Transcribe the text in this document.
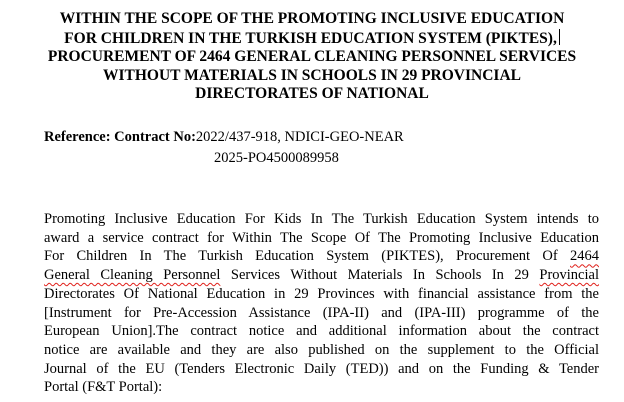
WITHIN THE SCOPE OF THE PROMOTING INCLUSIVE EDUCATION
FOR CHILDREN IN THE TURKISH EDUCATION SYSTEM (PIKTES),
PROCUREMENT OF 2464 GENERAL CLEANING PERSONNEL SERVICES
WITHOUT MATERIALS IN SCHOOLS IN 29 PROVINCIAL
DIRECTORATES OF NATIONAL
Reference: Contract No:2022/437-918, NDICI-GEO-NEAR
2025-PO4500089958
Promoting Inclusive Education For Kids In The Turkish Education System intends to
award a service contract for Within The Scope Of The Promoting Inclusive Education
For Children In The Turkish Education System (PIKTES), Procurement Of 2464
General Cleaning Personnel Services Without Materials In Schools In 29 Provincial
Directorates Of National Education in 29 Provinces with financial assistance from the
[Instrument for Pre-Accession Assistance (IPA-II) and (IPA-III) programme of the
European Union].The contract notice and additional information about the contract
notice are available and they are also published on the supplement to the Official
Journal of the EU (Tenders Electronic Daily (TED)) and on the Funding & Tender
Portal (F&T Portal):
